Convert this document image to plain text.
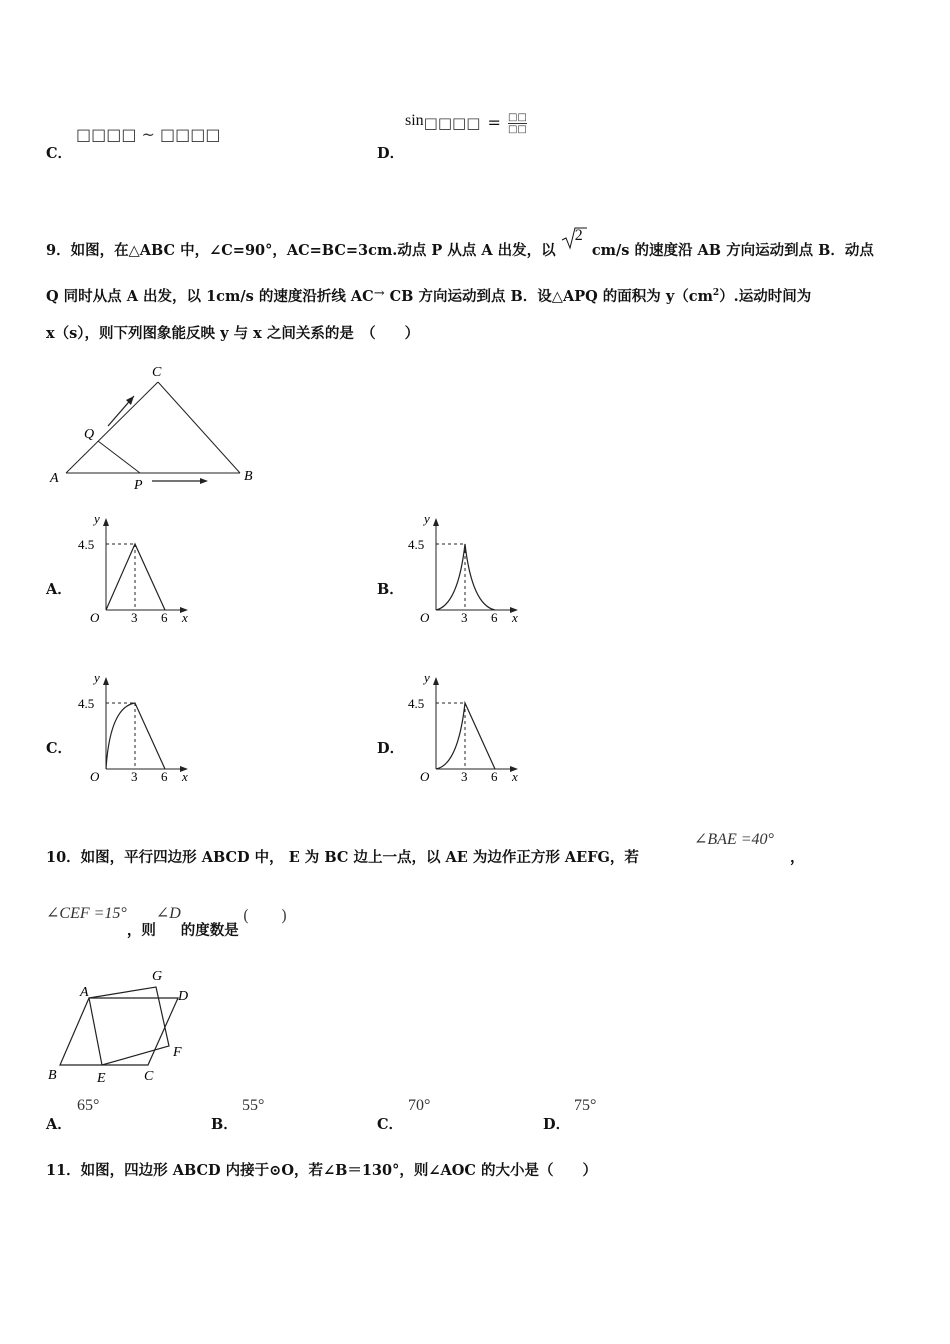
C．
□□□□ ~ □□□□
D．
sin□□□□ = □□
□□
9．如图，在△ABC 中，∠C=90°，AC=BC=3cm.动点 P 从点 A 出发，以
2
cm/s 的速度沿 AB 方向运动到点 B．动点
Q 同时从点 A 出发，以 1cm/s 的速度沿折线 AC→ CB 方向运动到点 B．设△APQ 的面积为 $y(cm^2)$.运动时间为
x（s），则下列图象能反映 y 与 x 之间关系的是　（　　）
A	B
C
P
Q
A．	B．
C．	D．
y
4.5
O 3 6 x
y
4.5
O 3 6 x
y
4.5
O 3 6 x
y
4.5
O 3 6 x
10．如图，平行四边形 ABCD 中， E 为 BC 边上一点，以 AE 为边作正方形 AEFG，若
∠BAE =40°
，
∠CEF =15°，则∠D的度数是(　　)
A
G
D
F
B	E	C
A．
65°
B．
55°
C．
70°
D．
75°
11．如图，四边形 ABCD 内接于⊙O，若∠B＝130°，则∠AOC 的大小是（　　）
